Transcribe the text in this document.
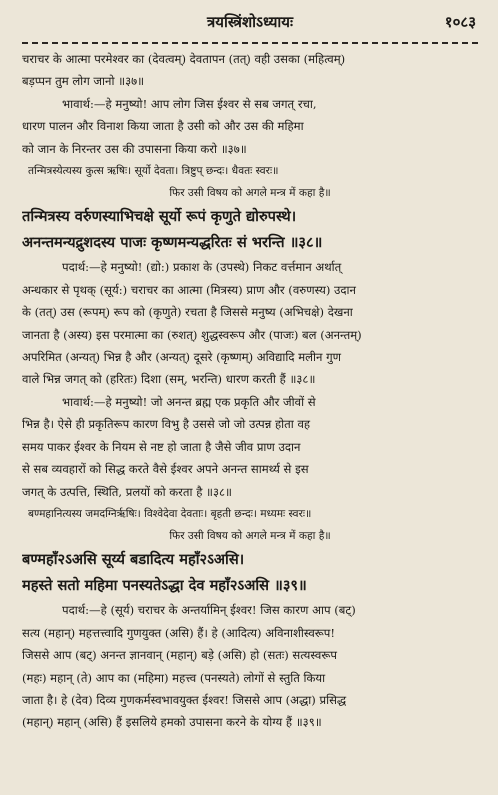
त्रयस्त्रिंशोऽध्यायः	१०८३
चराचर के आत्मा परमेश्वर का (देवत्वम्) देवतापन (तत्) वही उसका (महित्वम्)
बड़प्पन तुम लोग जानो ॥३७॥
भावार्थ:—हे मनुष्यो! आप लोग जिस ईश्वर से सब जगत् रचा,
धारण पालन और विनाश किया जाता है उसी को और उस की महिमा
को जान के निरन्तर उस की उपासना किया करो ॥३७॥
तन्मित्रस्येत्यस्य कुत्स ऋषिः। सूर्यो देवता। त्रिष्टुप् छन्दः। धैवतः स्वरः॥
फिर उसी विषय को अगले मन्त्र में कहा है॥
तन्मित्रस्य वर्रुणस्याभिचक्षे सूर्यो रूपं कृणुते द्योरुपस्थे।
अनन्तमन्यद्रुशदस्य पाजः कृष्णमन्यद्धरितः सं भरन्ति ॥३८॥
पदार्थ:—हे मनुष्यो! (द्यो:) प्रकाश के (उपस्थे) निकट वर्त्तमान अर्थात्
अन्धकार से पृथक् (सूर्य:) चराचर का आत्मा (मित्रस्य) प्राण और (वरुणस्य) उदान
के (तत्) उस (रूपम्) रूप को (कृणुते) रचता है जिससे मनुष्य (अभिचक्षे) देखना
जानता है (अस्य) इस परमात्मा का (रुशत्) शुद्धस्वरूप और (पाजः) बल (अनन्तम्)
अपरिमित (अन्यत्) भिन्न है और (अन्यत्) दूसरे (कृष्णम्) अविद्यादि मलीन गुण
वाले भिन्न जगत् को (हरितः) दिशा (सम्, भरन्ति) धारण करती हैं ॥३८॥
भावार्थ:—हे मनुष्यो! जो अनन्त ब्रह्म एक प्रकृति और जीवों से
भिन्न है। ऐसे ही प्रकृतिरूप कारण विभु है उससे जो जो उत्पन्न होता वह
समय पाकर ईश्वर के नियम से नष्ट हो जाता है जैसे जीव प्राण उदान
से सब व्यवहारों को सिद्ध करते वैसे ईश्वर अपने अनन्त सामर्थ्य से इस
जगत् के उत्पत्ति, स्थिति, प्रलयों को करता है ॥३८॥
बण्महानित्यस्य जमदग्निर्ऋषिः। विश्वेदेवा देवताः। बृहती छन्दः। मध्यमः स्वरः॥
फिर उसी विषय को अगले मन्त्र में कहा है॥
बण्महाँ२ऽअसि सूर्य्य बडादित्य महाँ२ऽअसि।
महस्ते सतो महिमा पनस्यतेऽद्धा देव महाँ२ऽअसि ॥३९॥
पदार्थ:—हे (सूर्य) चराचर के अन्तर्यामिन् ईश्वर! जिस कारण आप (बट्)
सत्य (महान्) महत्तत्त्वादि गुणयुक्त (असि) हैं। हे (आदित्य) अविनाशीस्वरूप!
जिससे आप (बट्) अनन्त ज्ञानवान् (महान्) बड़े (असि) हो (सतः) सत्यस्वरूप
(महः) महान् (ते) आप का (महिमा) महत्त्व (पनस्यते) लोगों से स्तुति किया
जाता है। हे (देव) दिव्य गुणकर्मस्वभावयुक्त ईश्वर! जिससे आप (अद्धा) प्रसिद्ध
(महान्) महान् (असि) हैं इसलिये हमको उपासना करने के योग्य हैं ॥३९॥
